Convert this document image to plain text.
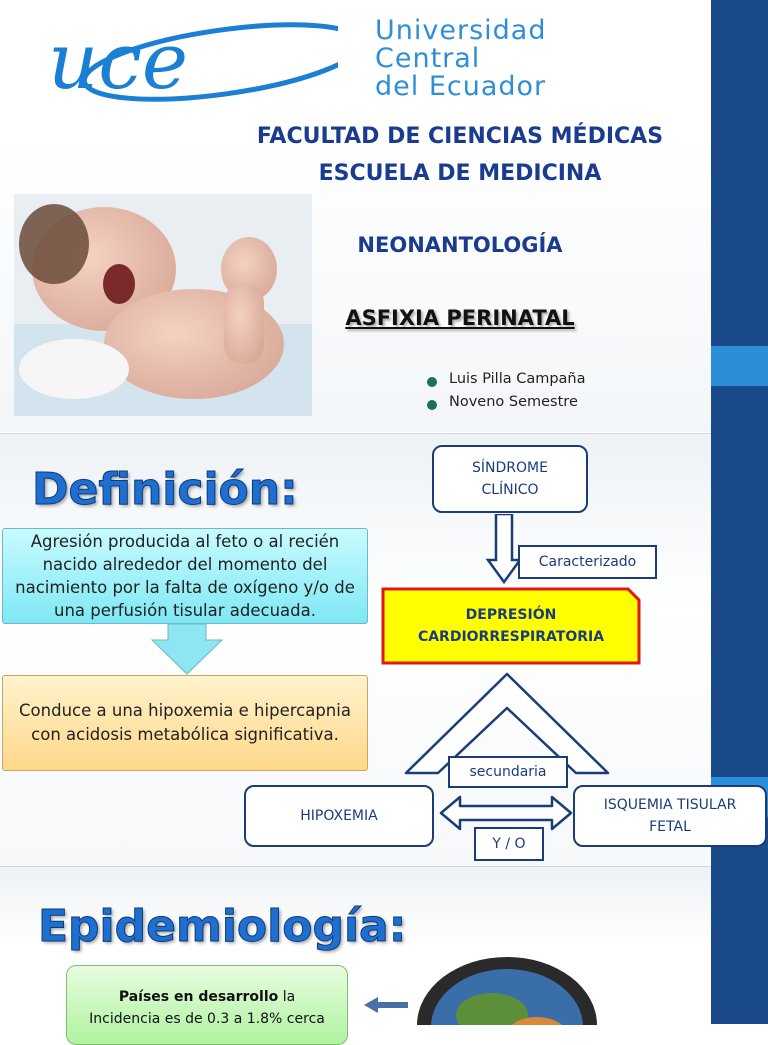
uce	Universidad
Central
del Ecuador
FACULTAD DE CIENCIAS MÉDICAS
ESCUELA DE MEDICINA
NEONANTOLOGÍA
ASFIXIA PERINATAL
Luis Pilla Campaña
Noveno Semestre
Definición:
Agresión producida al feto o al recién nacido alrededor del momento del nacimiento por la falta de oxígeno y/o de una perfusión tisular adecuada.
Conduce a una hipoxemia e hipercapnia con acidosis metabólica significativa.
SÍNDROME
CLÍNICO
Caracterizado
DEPRESIÓN
CARDIORRESPIRATORIA
secundaria
HIPOXEMIA
ISQUEMIA TISULAR
FETAL
Y / O
Epidemiología:
Países en desarrollo la
Incidencia es de 0.3 a 1.8% cerca
